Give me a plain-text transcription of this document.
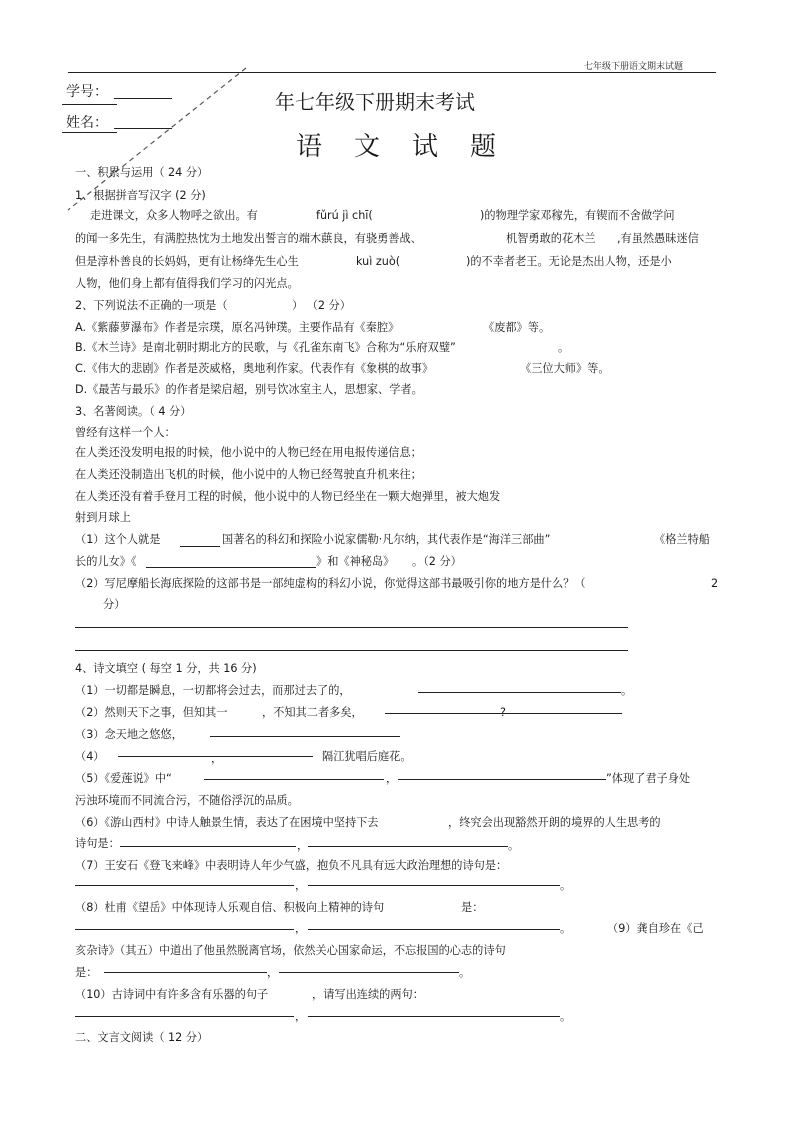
七年级下册语文期末试题
学号：
姓名：
年七年级下册期末考试
语文试题
一、积累与运用（ 24 分）
1、根据拼音写汉字 (2 分)
走进课文，众多人物呼之欲出。有	fǔrú jì chī(	)的物理学家邓稼先，有锲而不舍做学问
的闻一多先生，有满腔热忱为土地发出誓言的端木蕻良，有骁勇善战、	机智勇敢的花木兰 ,有虽然愚昧迷信
但是淳朴善良的长妈妈，更有让杨绛先生心生	kuì zuò(	)的不幸者老王。无论是杰出人物，还是小
人物，他们身上都有值得我们学习的闪光点。
2、下列说法不正确的一项是（	） （2 分）
A.《紫藤萝瀑布》作者是宗璞，原名冯钟璞。主要作品有《秦腔》	《废都》等。
B.《木兰诗》是南北朝时期北方的民歌，与《孔雀东南飞》合称为“乐府双璧”	。
C.《伟大的悲剧》作者是茨威格，奥地利作家。代表作有《象棋的故事》	《三位大师》等。
D.《最苦与最乐》的作者是梁启超，别号饮冰室主人，思想家、学者。
3、名著阅读。（ 4 分）
曾经有这样一个人：
在人类还没发明电报的时候，他小说中的人物已经在用电报传递信息；
在人类还没制造出飞机的时候，他小说中的人物已经驾驶直升机来往；
在人类还没有着手登月工程的时候，他小说中的人物已经坐在一颗大炮弹里，被大炮发
射到月球上
（1）这个人就是	国著名的科幻和探险小说家儒勒·凡尔纳，其代表作是“海洋三部曲”	《格兰特船
长的儿女》《	》和《神秘岛》 。（2 分）
（2）写尼摩船长海底探险的这部书是一部纯虚构的科幻小说，你觉得这部书最吸引你的地方是什么？（	2
分）
4、诗文填空 ( 每空 1 分，共 16 分)
（1）一切都是瞬息，一切都将会过去，而那过去了的，	。
（2）然则天下之事，但知其一	，不知其二者多矣，	?
（3）念天地之悠悠，
（4）	，	隔江犹唱后庭花。
（5）《爱莲说》中“	，	”体现了君子身处
污浊环境而不同流合污，不随俗浮沉的品质。
（6）《游山西村》中诗人触景生情，表达了在困境中坚持下去	，终究会出现豁然开朗的境界的人生思考的
诗句是：	，	。
（7）王安石《登飞来峰》中表明诗人年少气盛，抱负不凡具有远大政治理想的诗句是：
，	。
（8）杜甫《望岳》中体现诗人乐观自信、积极向上精神的诗句	是：
，	。	（9）龚自珍在《己
亥杂诗》（其五）中道出了他虽然脱离官场，依然关心国家命运，不忘报国的心志的诗句
是：	，	。
（10）古诗词中有许多含有乐器的句子	，请写出连续的两句：
，	。
二、文言文阅读（ 12 分）
